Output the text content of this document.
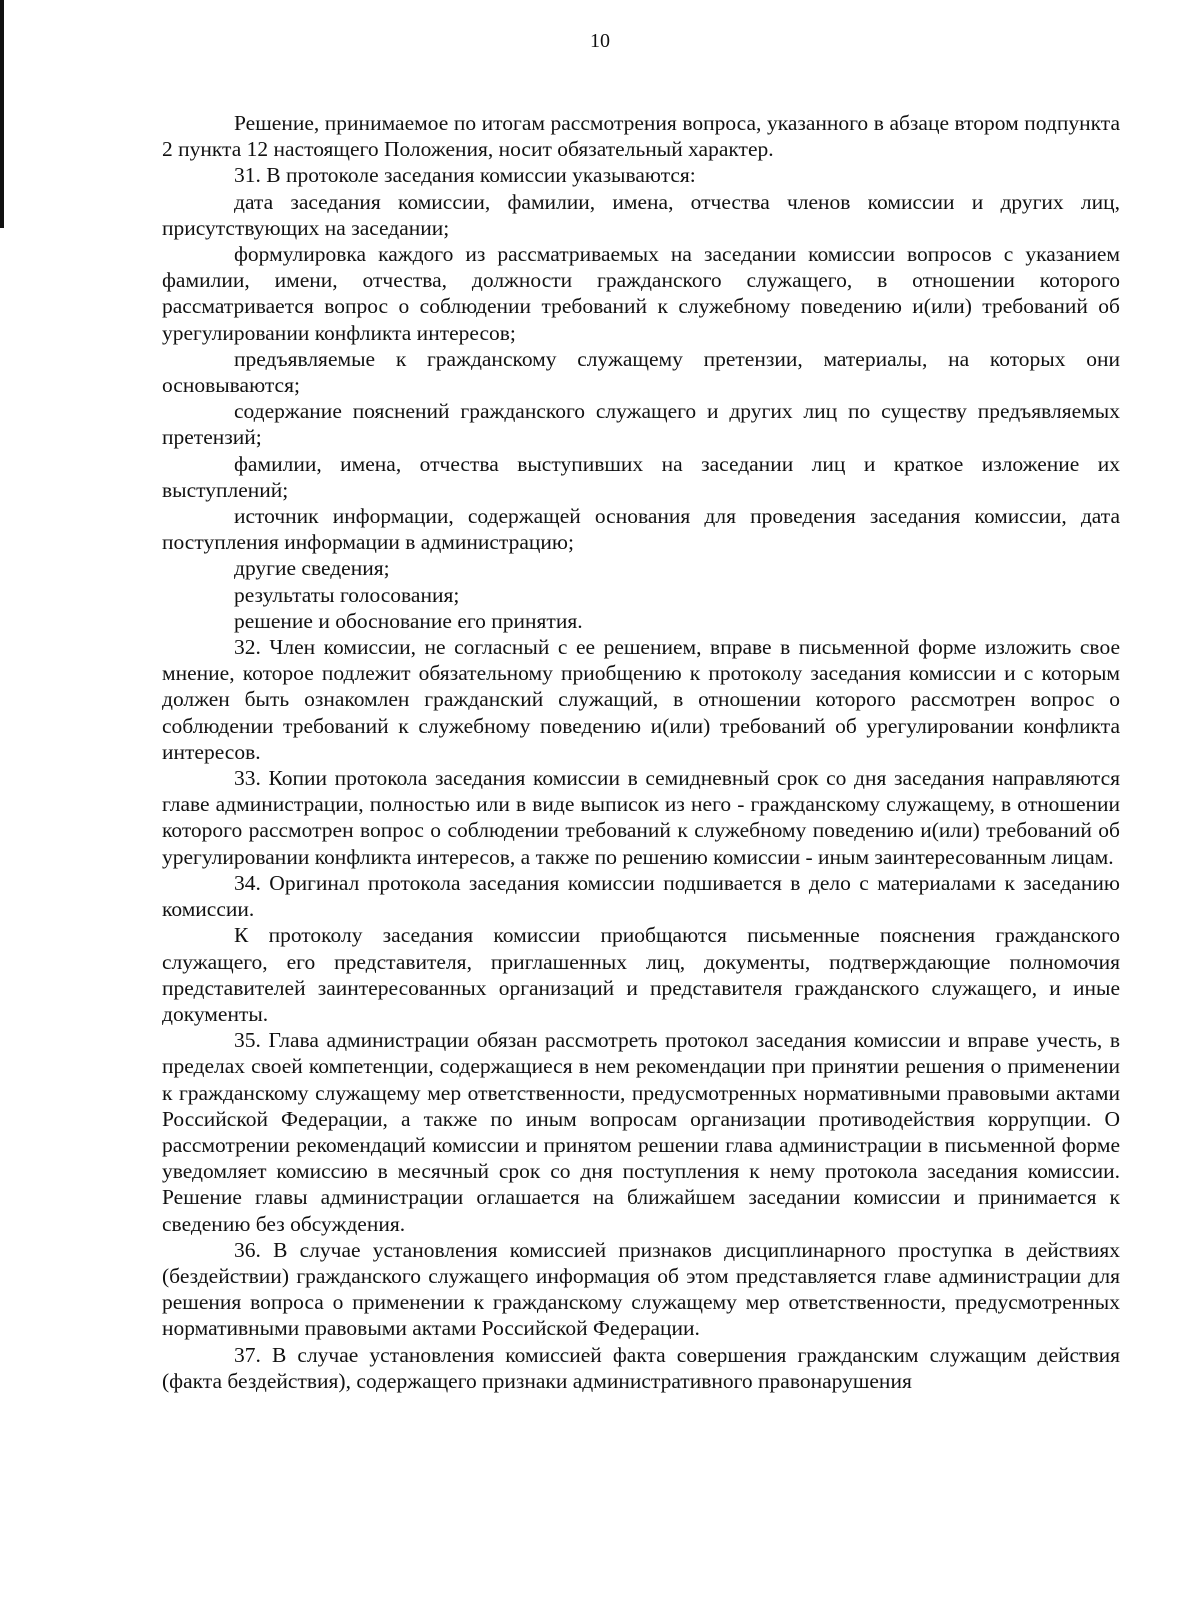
10

Решение, принимаемое по итогам рассмотрения вопроса, указанного в абзаце втором подпункта 2 пункта 12 настоящего Положения, носит обязательный характер.

31. В протоколе заседания комиссии указываются:

дата заседания комиссии, фамилии, имена, отчества членов комиссии и других лиц, присутствующих на заседании;

формулировка каждого из рассматриваемых на заседании комиссии вопросов с указанием фамилии, имени, отчества, должности гражданского служащего, в отношении которого рассматривается вопрос о соблюдении требований к служебному поведению и(или) требований об урегулировании конфликта интересов;

предъявляемые к гражданскому служащему претензии, материалы, на которых они основываются;

содержание пояснений гражданского служащего и других лиц по существу предъявляемых претензий;

фамилии, имена, отчества выступивших на заседании лиц и краткое изложение их выступлений;

источник информации, содержащей основания для проведения заседания комиссии, дата поступления информации в администрацию;

другие сведения;

результаты голосования;

решение и обоснование его принятия.

32. Член комиссии, не согласный с ее решением, вправе в письменной форме изложить свое мнение, которое подлежит обязательному приобщению к протоколу заседания комиссии и с которым должен быть ознакомлен гражданский служащий, в отношении которого рассмотрен вопрос о соблюдении требований к служебному поведению и(или) требований об урегулировании конфликта интересов.

33. Копии протокола заседания комиссии в семидневный срок со дня заседания направляются главе администрации, полностью или в виде выписок из него - гражданскому служащему, в отношении которого рассмотрен вопрос о соблюдении требований к служебному поведению и(или) требований об урегулировании конфликта интересов, а также по решению комиссии - иным заинтересованным лицам.

34. Оригинал протокола заседания комиссии подшивается в дело с материалами к заседанию комиссии.

К протоколу заседания комиссии приобщаются письменные пояснения гражданского служащего, его представителя, приглашенных лиц, документы, подтверждающие полномочия представителей заинтересованных организаций и представителя гражданского служащего, и иные документы.

35. Глава администрации обязан рассмотреть протокол заседания комиссии и вправе учесть, в пределах своей компетенции, содержащиеся в нем рекомендации при принятии решения о применении к гражданскому служащему мер ответственности, предусмотренных нормативными правовыми актами Российской Федерации, а также по иным вопросам организации противодействия коррупции. О рассмотрении рекомендаций комиссии и принятом решении глава администрации в письменной форме уведомляет комиссию в месячный срок со дня поступления к нему протокола заседания комиссии. Решение главы администрации оглашается на ближайшем заседании комиссии и принимается к сведению без обсуждения.

36. В случае установления комиссией признаков дисциплинарного проступка в действиях (бездействии) гражданского служащего информация об этом представляется главе администрации для решения вопроса о применении к гражданскому служащему мер ответственности, предусмотренных нормативными правовыми актами Российской Федерации.

37. В случае установления комиссией факта совершения гражданским служащим действия (факта бездействия), содержащего признаки административного правонарушения
